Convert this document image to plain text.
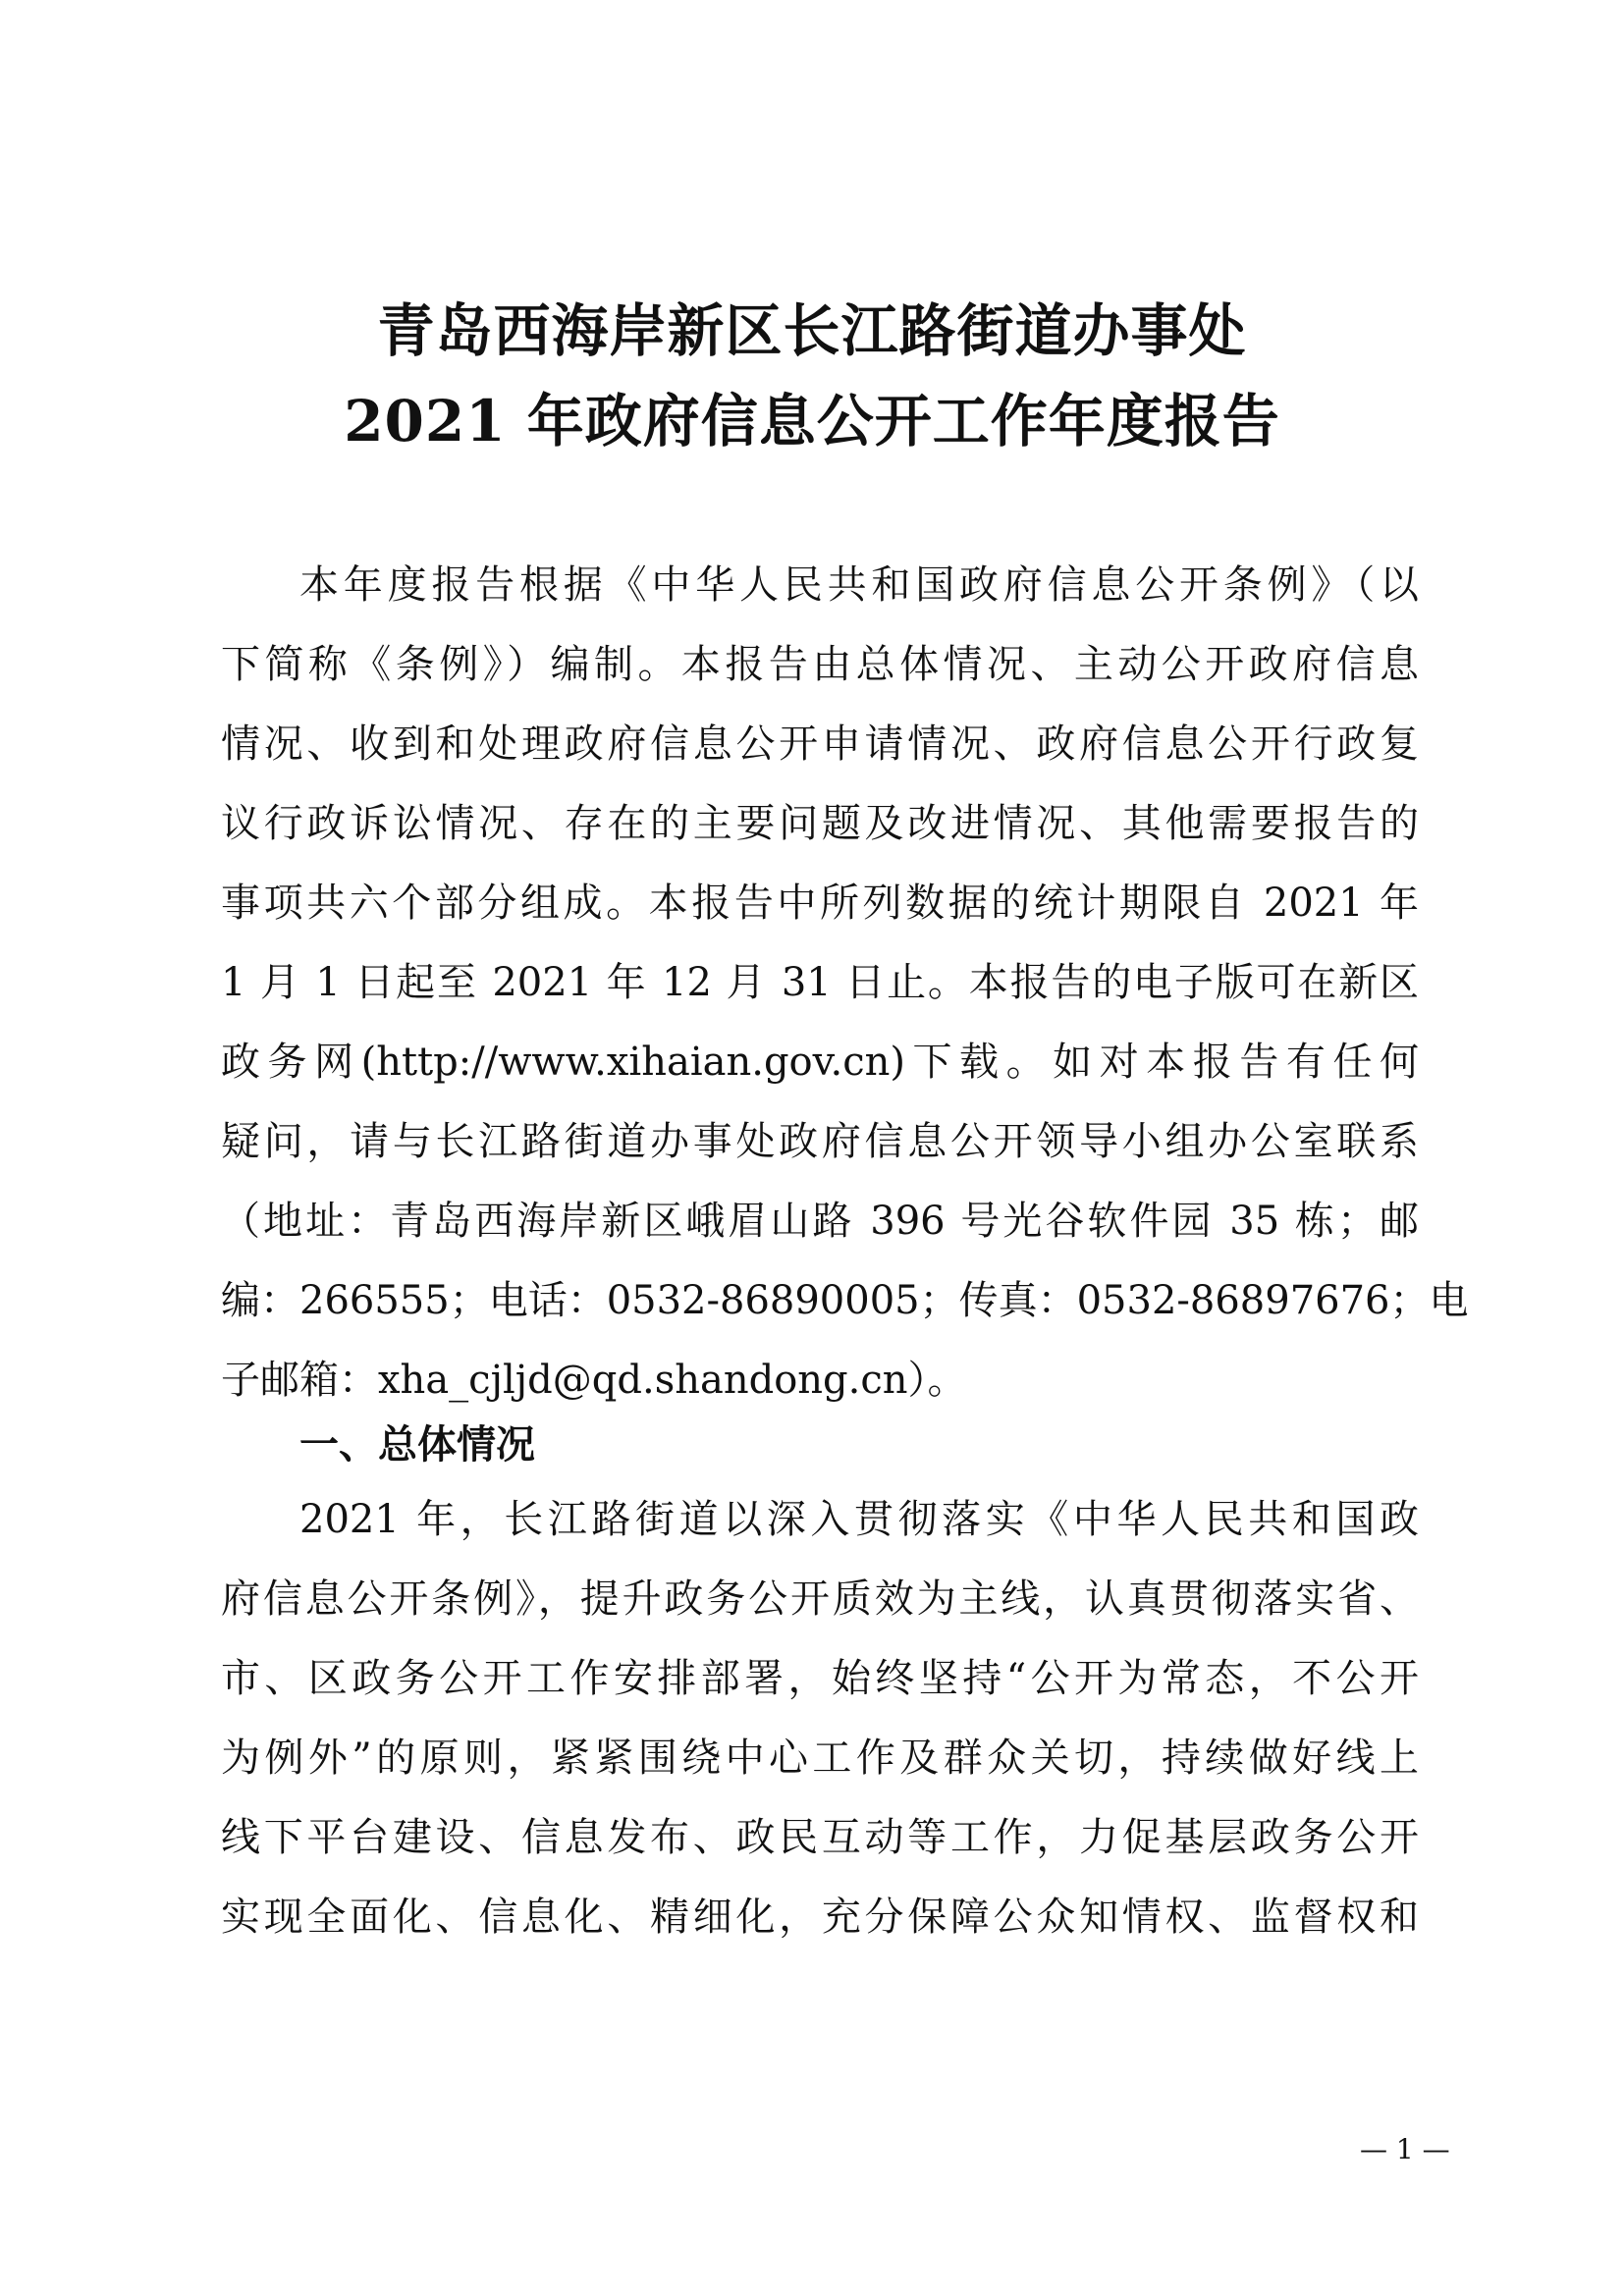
青岛西海岸新区长江路街道办事处
2021 年政府信息公开工作年度报告
本年度报告根据《中华人民共和国政府信息公开条例》（以
下简称《条例》）编制。本报告由总体情况、主动公开政府信息
情况、收到和处理政府信息公开申请情况、政府信息公开行政复
议行政诉讼情况、存在的主要问题及改进情况、其他需要报告的
事项共六个部分组成。本报告中所列数据的统计期限自 2021 年
1 月 1 日起至 2021 年 12 月 31 日止。本报告的电子版可在新区
政务网(http://www.xihaian.gov.cn)下载。如对本报告有任何
疑问，请与长江路街道办事处政府信息公开领导小组办公室联系
（地址：青岛西海岸新区峨眉山路 396 号光谷软件园 35 栋；邮
编：266555；电话：0532-86890005；传真：0532-86897676；电
子邮箱：xha_cjljd@qd.shandong.cn）。
一、总体情况
2021 年，长江路街道以深入贯彻落实《中华人民共和国政
府信息公开条例》，提升政务公开质效为主线，认真贯彻落实省、
市、区政务公开工作安排部署，始终坚持“公开为常态，不公开
为例外”的原则，紧紧围绕中心工作及群众关切，持续做好线上
线下平台建设、信息发布、政民互动等工作，力促基层政务公开
实现全面化、信息化、精细化，充分保障公众知情权、监督权和
— 1 —
